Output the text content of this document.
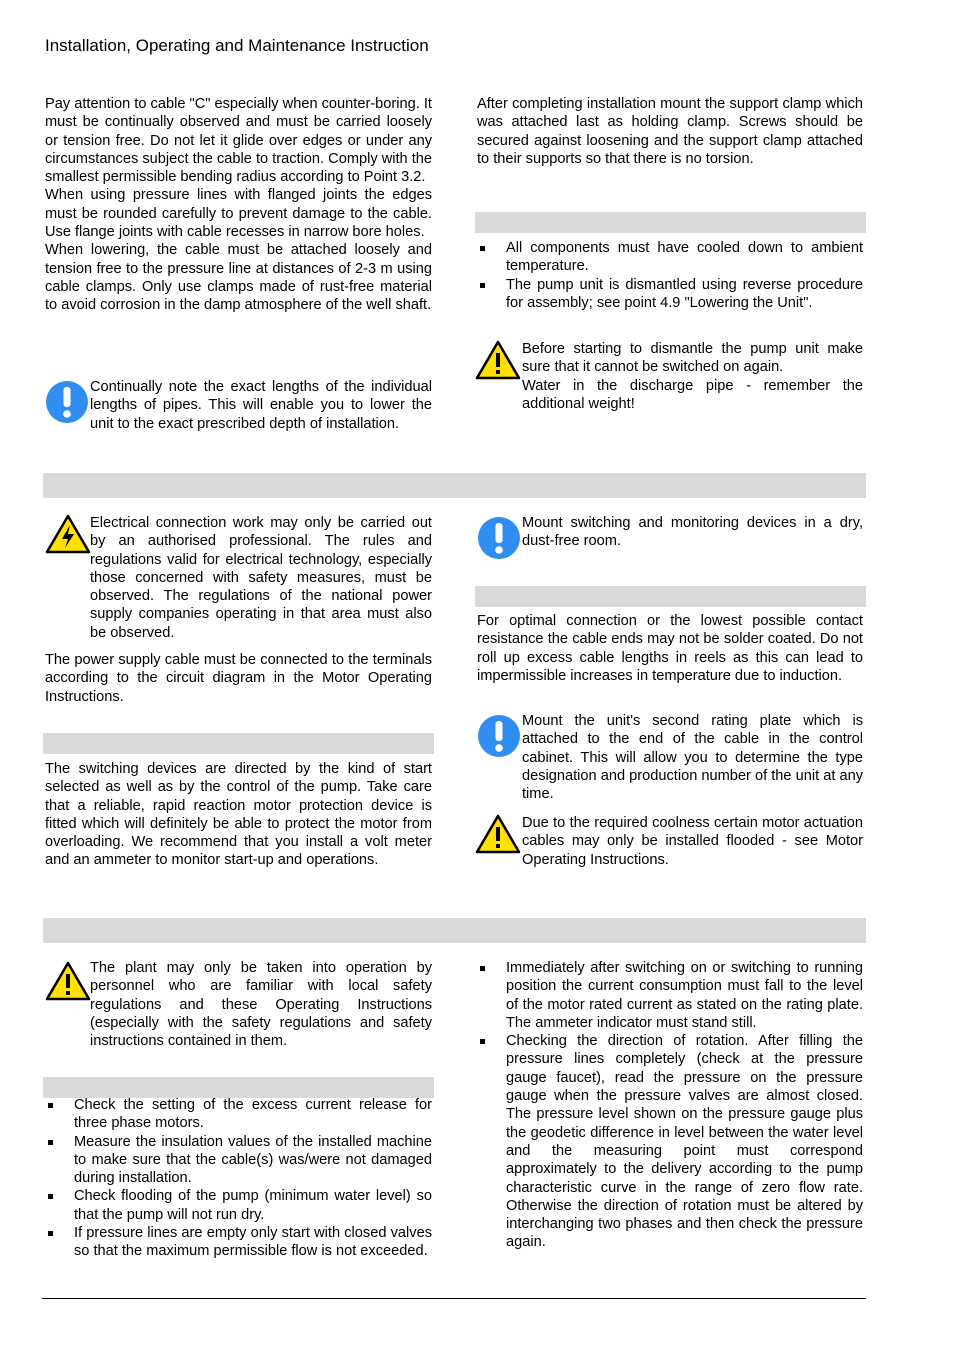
Installation, Operating and Maintenance Instruction

Pay attention to cable "C" especially when counter-boring. It must be continually observed and must be carried loosely or tension free. Do not let it glide over edges or under any circumstances subject the cable to traction. Comply with the smallest permissible bending radius according to Point 3.2.

When using pressure lines with flanged joints the edges must be rounded carefully to prevent damage to the cable. Use flange joints with cable recesses in narrow bore holes.

When lowering, the cable must be attached loosely and tension free to the pressure line at distances of 2-3 m using cable clamps. Only use clamps made of rust-free material to avoid corrosion in the damp atmosphere of the well shaft.

Continually note the exact lengths of the individual lengths of pipes. This will enable you to lower the unit to the exact prescribed depth of installation.

After completing installation mount the support clamp which was attached last as holding clamp. Screws should be secured against loosening and the support clamp attached to their supports so that there is no torsion.

All components must have cooled down to ambient temperature.
The pump unit is dismantled using reverse procedure for assembly; see point 4.9 "Lowering the Unit".
Before starting to dismantle the pump unit make sure that it cannot be switched on again.
Water in the discharge pipe - remember the additional weight!
Electrical connection work may only be carried out by an authorised professional. The rules and regulations valid for electrical technology, especially those concerned with safety measures, must be observed. The regulations of the national power supply companies operating in that area must also be observed.

The power supply cable must be connected to the terminals according to the circuit diagram in the Motor Operating Instructions.

The switching devices are directed by the kind of start selected as well as by the control of the pump. Take care that a reliable, rapid reaction motor protection device is fitted which will definitely be able to protect the motor from overloading. We recommend that you install a volt meter and an ammeter to monitor start-up and operations.

Mount switching and monitoring devices in a dry, dust-free room.

For optimal connection or the lowest possible contact resistance the cable ends may not be solder coated. Do not roll up excess cable lengths in reels as this can lead to impermissible increases in temperature due to induction.

Mount the unit's second rating plate which is attached to the end of the cable in the control cabinet. This will allow you to determine the type designation and production number of the unit at any time.
Due to the required coolness certain motor actuation cables may only be installed flooded - see Motor Operating Instructions.
The plant may only be taken into operation by personnel who are familiar with local safety regulations and these Operating Instructions (especially with the safety regulations and safety instructions contained in them.
Check the setting of the excess current release for three phase motors.
Measure the insulation values of the installed machine to make sure that the cable(s) was/were not damaged during installation.
Check flooding of the pump (minimum water level) so that the pump will not run dry.
If pressure lines are empty only start with closed valves so that the maximum permissible flow is not exceeded.
Immediately after switching on or switching to running position the current consumption must fall to the level of the motor rated current as stated on the rating plate. The ammeter indicator must stand still.
Checking the direction of rotation. After filling the pressure lines completely (check at the pressure gauge faucet), read the pressure on the pressure gauge when the pressure valves are almost closed. The pressure level shown on the pressure gauge plus the geodetic difference in level between the water level and the measuring point must correspond approximately to the delivery according to the pump characteristic curve in the range of zero flow rate. Otherwise the direction of rotation must be altered by interchanging two phases and then check the pressure again.
